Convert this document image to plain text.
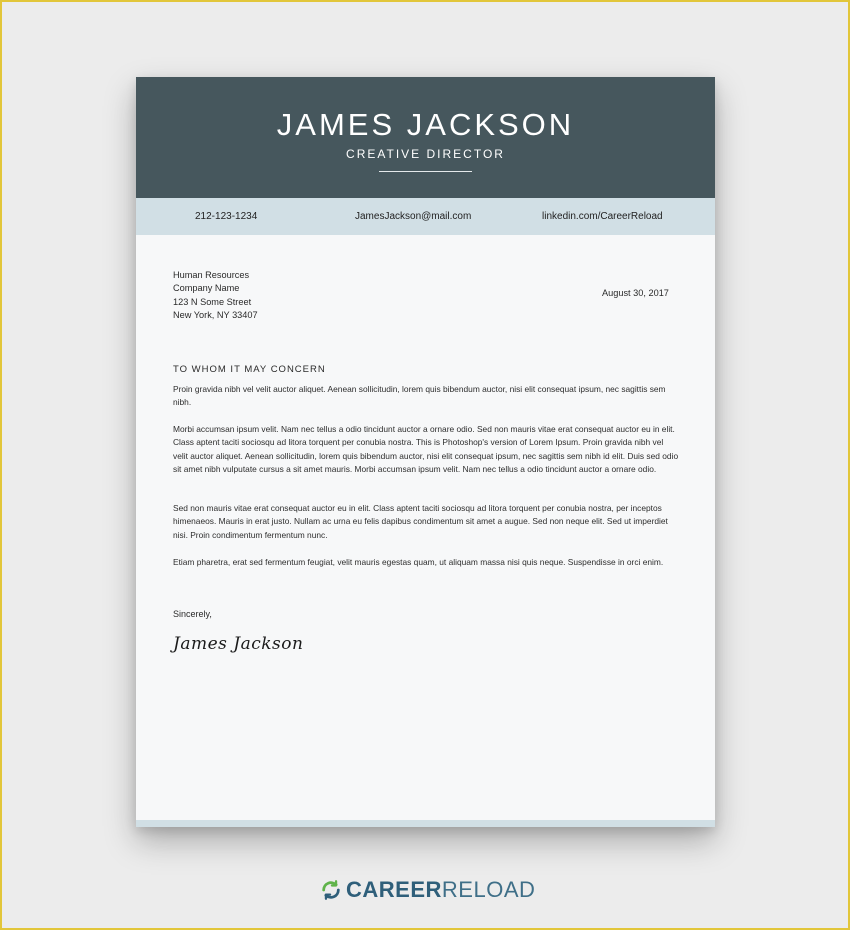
JAMES JACKSON
CREATIVE DIRECTOR
212-123-1234	JamesJackson@mail.com	linkedin.com/CareerReload
Human Resources
Company Name
123 N Some Street
New York, NY 33407
August 30, 2017
TO WHOM IT MAY CONCERN
Proin gravida nibh vel velit auctor aliquet. Aenean sollicitudin, lorem quis bibendum auctor, nisi elit consequat ipsum, nec sagittis sem nibh.
Morbi accumsan ipsum velit. Nam nec tellus a odio tincidunt auctor a ornare odio. Sed non mauris vitae erat consequat auctor eu in elit. Class aptent taciti sociosqu ad litora torquent per conubia nostra. This is Photoshop's version of Lorem Ipsum. Proin gravida nibh vel velit auctor aliquet. Aenean sollicitudin, lorem quis bibendum auctor, nisi elit consequat ipsum, nec sagittis sem nibh id elit. Duis sed odio sit amet nibh vulputate cursus a sit amet mauris. Morbi accumsan ipsum velit. Nam nec tellus a odio tincidunt auctor a ornare odio.
Sed non mauris vitae erat consequat auctor eu in elit. Class aptent taciti sociosqu ad litora torquent per conubia nostra, per inceptos himenaeos. Mauris in erat justo. Nullam ac urna eu felis dapibus condimentum sit amet a augue. Sed non neque elit. Sed ut imperdiet nisi. Proin condimentum fermentum nunc.
Etiam pharetra, erat sed fermentum feugiat, velit mauris egestas quam, ut aliquam massa nisi quis neque. Suspendisse in orci enim.
Sincerely,
James Jackson
CAREER RELOAD
